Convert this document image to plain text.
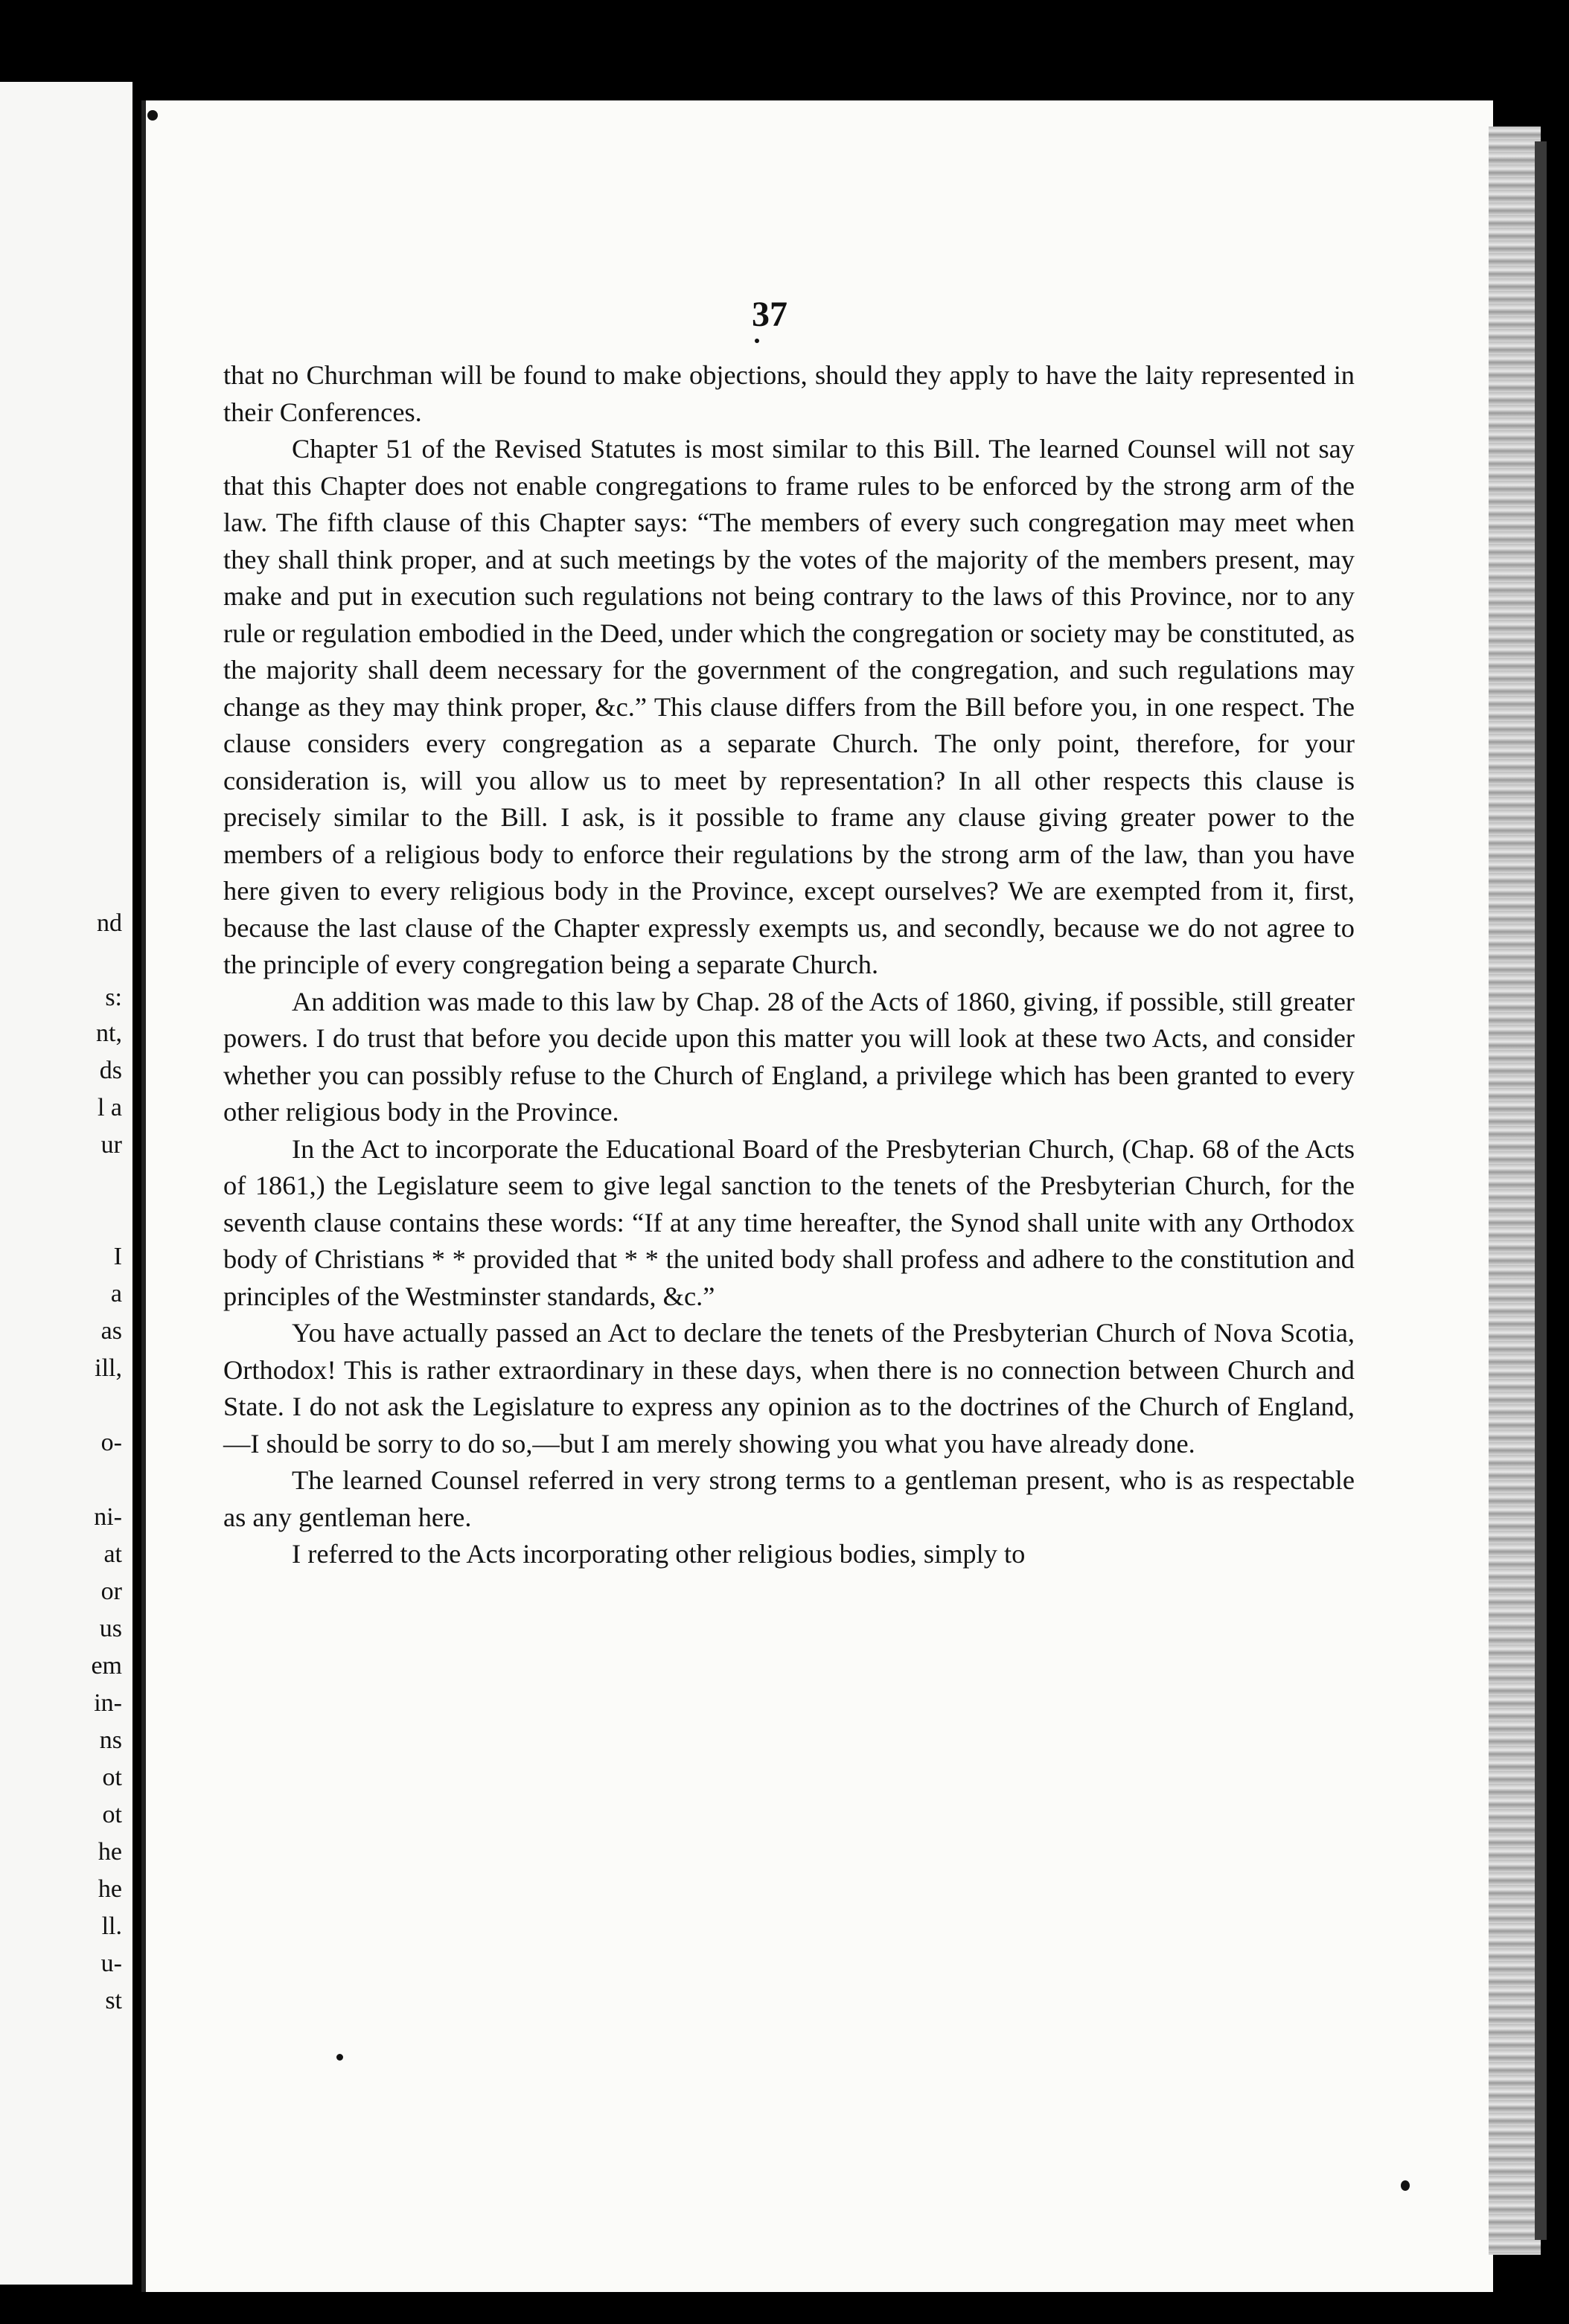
nd
s:
nt,
ds
l a
ur
I
a
as
ill,
o-
ni-
at
or
us
em
in-
ns
ot
ot
he
he
ll.
u-
st
37

that no Churchman will be found to make objections, should they apply to have the laity represented in their Conferences.

Chapter 51 of the Revised Statutes is most similar to this Bill. The learned Counsel will not say that this Chapter does not enable congregations to frame rules to be enforced by the strong arm of the law. The fifth clause of this Chapter says: “The members of every such congregation may meet when they shall think proper, and at such meetings by the votes of the majority of the members present, may make and put in execution such regulations not being contrary to the laws of this Province, nor to any rule or regulation embodied in the Deed, under which the congregation or society may be constituted, as the majority shall deem necessary for the government of the congregation, and such regulations may change as they may think proper, &c.” This clause differs from the Bill before you, in one respect. The clause considers every congregation as a separate Church. The only point, therefore, for your consideration is, will you allow us to meet by representation? In all other respects this clause is precisely similar to the Bill. I ask, is it possible to frame any clause giving greater power to the members of a religious body to enforce their regulations by the strong arm of the law, than you have here given to every religious body in the Province, except ourselves? We are exempted from it, first, because the last clause of the Chapter expressly exempts us, and secondly, because we do not agree to the principle of every congregation being a separate Church.

An addition was made to this law by Chap. 28 of the Acts of 1860, giving, if possible, still greater powers. I do trust that before you decide upon this matter you will look at these two Acts, and consider whether you can possibly refuse to the Church of England, a privilege which has been granted to every other religious body in the Province.

In the Act to incorporate the Educational Board of the Presbyterian Church, (Chap. 68 of the Acts of 1861,) the Legislature seem to give legal sanction to the tenets of the Presbyterian Church, for the seventh clause contains these words: “If at any time hereafter, the Synod shall unite with any Orthodox body of Christians * * provided that * * the united body shall profess and adhere to the constitution and principles of the Westminster standards, &c.”

You have actually passed an Act to declare the tenets of the Presbyterian Church of Nova Scotia, Orthodox! This is rather extraordinary in these days, when there is no connection between Church and State. I do not ask the Legislature to express any opinion as to the doctrines of the Church of England,—I should be sorry to do so,—but I am merely showing you what you have already done.

The learned Counsel referred in very strong terms to a gentleman present, who is as respectable as any gentleman here.

I referred to the Acts incorporating other religious bodies, simply to
